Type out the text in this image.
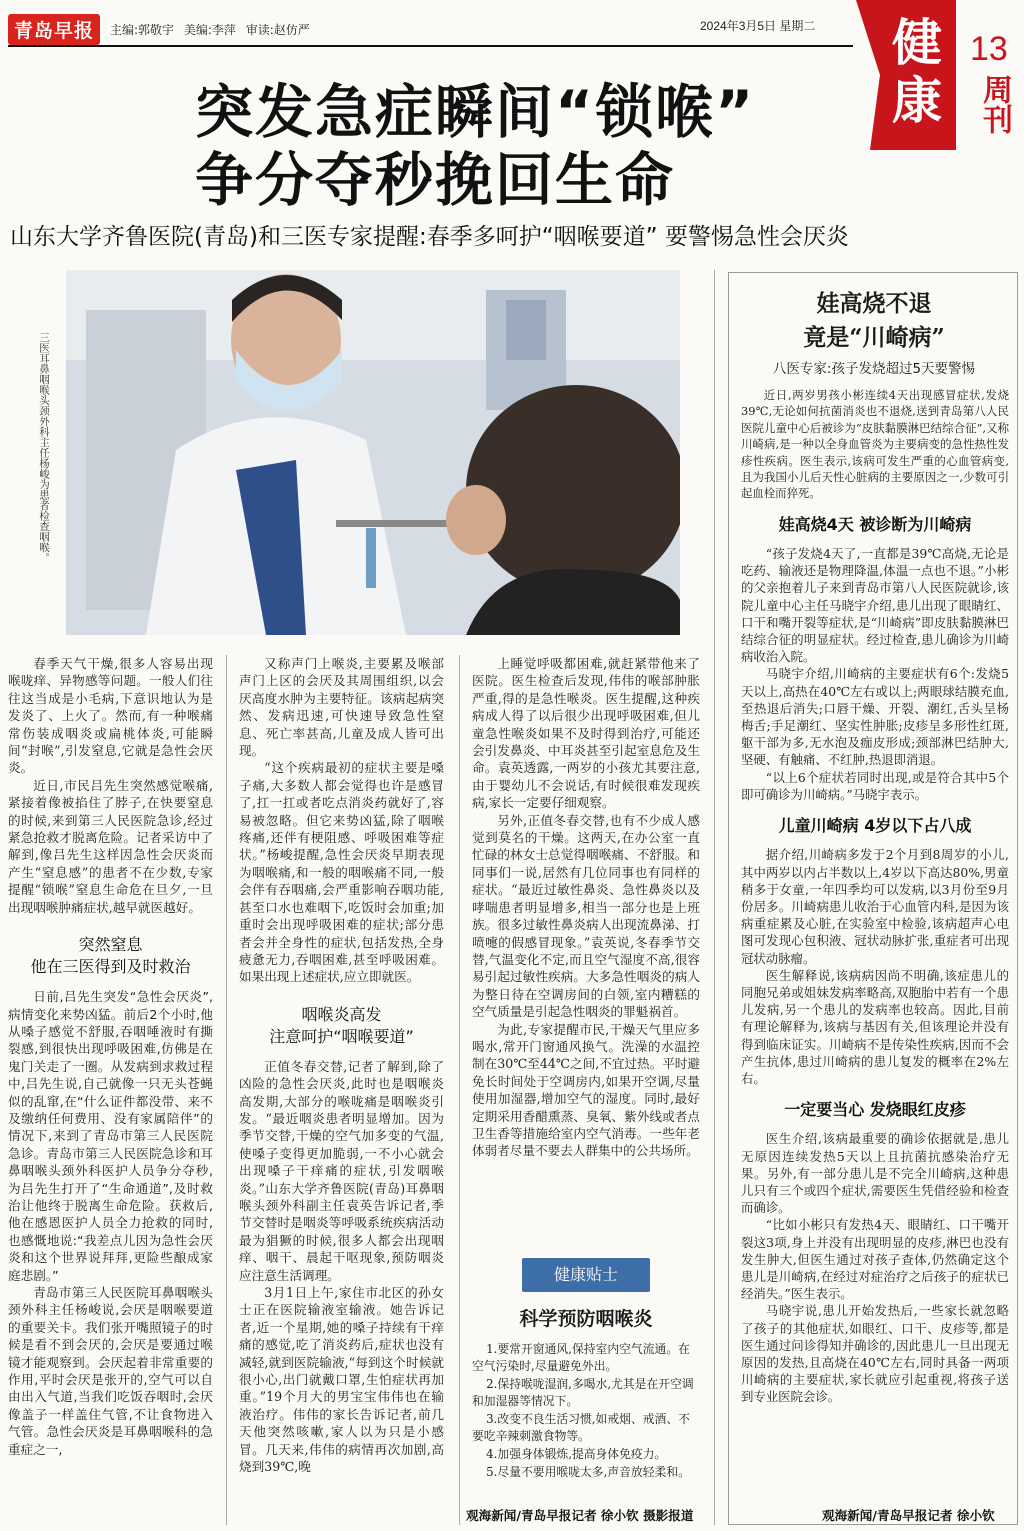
青岛早报	主编:郭敬宇 美编:李萍 审读:赵仿严	2024年3月5日 星期二 健
康
13
周刊
突发急症瞬间“锁喉”
争分夺秒挽回生命
山东大学齐鲁医院(青岛)和三医专家提醒:春季多呵护“咽喉要道” 要警惕急性会厌炎
三医耳鼻咽喉头颈外科主任杨峻为患者检查咽喉。

春季天气干燥,很多人容易出现喉咙痒、异物感等问题。一般人们往往这当成是小毛病,下意识地认为是发炎了、上火了。然而,有一种喉痛常伤装成咽炎或扁桃体炎,可能瞬间“封喉”,引发窒息,它就是急性会厌炎。

近日,市民吕先生突然感觉喉痛,紧接着像被掐住了脖子,在快要窒息的时候,来到第三人民医院急诊,经过紧急抢救才脱离危险。记者采访中了解到,像吕先生这样因急性会厌炎而产生“窒息感”的患者不在少数,专家提醒“锁喉”窒息生命危在旦夕,一旦出现咽喉肿痛症状,越早就医越好。

突然窒息
他在三医得到及时救治

日前,吕先生突发“急性会厌炎”,病情变化来势凶猛。前后2个小时,他从嗓子感觉不舒服,吞咽唾液时有撕裂感,到很快出现呼吸困难,仿佛是在鬼门关走了一圈。从发病到求救过程中,吕先生说,自己就像一只无头苍蝇似的乱窜,在“什么证件都没带、来不及缴纳任何费用、没有家属陪伴”的情况下,来到了青岛市第三人民医院急诊。青岛市第三人民医院急诊和耳鼻咽喉头颈外科医护人员争分夺秒,为吕先生打开了“生命通道”,及时救治让他终于脱离生命危险。获救后,他在感恩医护人员全力抢救的同时,也感慨地说:“我差点儿因为急性会厌炎和这个世界说拜拜,更险些酿成家庭悲剧。”

青岛市第三人民医院耳鼻咽喉头颈外科主任杨峻说,会厌是咽喉要道的重要关卡。我们张开嘴照镜子的时候是看不到会厌的,会厌是要通过喉镜才能观察到。会厌起着非常重要的作用,平时会厌是张开的,空气可以自由出入气道,当我们吃饭吞咽时,会厌像盖子一样盖住气管,不让食物进入气管。急性会厌炎是耳鼻咽喉科的急重症之一,

又称声门上喉炎,主要累及喉部声门上区的会厌及其周围组织,以会厌高度水肿为主要特征。该病起病突然、发病迅速,可快速导致急性窒息、死亡率甚高,儿童及成人皆可出现。

“这个疾病最初的症状主要是嗓子痛,大多数人都会觉得也许是感冒了,扛一扛或者吃点消炎药就好了,容易被忽略。但它来势凶猛,除了咽喉疼痛,还伴有梗阻感、呼吸困难等症状。”杨峻提醒,急性会厌炎早期表现为咽喉痛,和一般的咽喉痛不同,一般会伴有吞咽痛,会严重影响吞咽功能,甚至口水也难咽下,吃饭时会加重;加重时会出现呼吸困难的症状;部分患者会并全身性的症状,包括发热,全身疲惫无力,吞咽困难,甚至呼吸困难。如果出现上述症状,应立即就医。

咽喉炎高发
注意呵护“咽喉要道”

正值冬春交替,记者了解到,除了凶险的急性会厌炎,此时也是咽喉炎高发期,大部分的喉咙痛是咽喉炎引发。“最近咽炎患者明显增加。因为季节交替,干燥的空气加多变的气温,使嗓子变得更加脆弱,一不小心就会出现嗓子干痒痛的症状,引发咽喉炎。”山东大学齐鲁医院(青岛)耳鼻咽喉头颈外科副主任袁英告诉记者,季节交替时是咽炎等呼吸系统疾病活动最为猖獗的时候,很多人都会出现咽痒、咽干、晨起干呕现象,预防咽炎应注意生活调理。

3月1日上午,家住市北区的孙女士正在医院输液室输液。她告诉记者,近一个星期,她的嗓子持续有干痒痛的感觉,吃了消炎药后,症状也没有减轻,就到医院输液,“每到这个时候就很小心,出门就戴口罩,生怕症状再加重。”19个月大的男宝宝伟伟也在输液治疗。伟伟的家长告诉记者,前几天他突然咳嗽,家人以为只是小感冒。几天来,伟伟的病情再次加剧,高烧到39℃,晚

上睡觉呼吸都困难,就赶紧带他来了医院。医生检查后发现,伟伟的喉部肿胀严重,得的是急性喉炎。医生提醒,这种疾病成人得了以后很少出现呼吸困难,但儿童急性喉炎如果不及时得到治疗,可能还会引发鼻炎、中耳炎甚至引起室息危及生命。袁英透露,一两岁的小孩尤其要注意,由于婴幼儿不会说话,有时候很难发现疾病,家长一定要仔细观察。

另外,正值冬春交替,也有不少成人感觉到莫名的干燥。这两天,在办公室一直忙碌的林女士总觉得咽喉痛、不舒服。和同事们一说,居然有几位同事也有同样的症状。“最近过敏性鼻炎、急性鼻炎以及哮喘患者明显增多,相当一部分也是上班族。很多过敏性鼻炎病人出现流鼻涕、打喷嚏的假感冒现象。”袁英说,冬春季节交替,气温变化不定,而且空气湿度不高,很容易引起过敏性疾病。大多急性咽炎的病人为整日待在空调房间的白领,室内糟糕的空气质量是引起急性咽炎的罪魁祸首。

为此,专家提醒市民,干燥天气里应多喝水,常开门窗通风换气。洗澡的水温控制在30℃至44℃之间,不宜过热。平时避免长时间处于空调房内,如果开空调,尽量使用加湿器,增加空气的湿度。同时,最好定期采用香醋熏蒸、臭氧、紫外线或者点卫生香等措施给室内空气消毒。一些年老体弱者尽量不要去人群集中的公共场所。

健康贴士
科学预防咽喉炎
1.要常开窗通风,保持室内空气流通。在空气污染时,尽量避免外出。
2.保持喉咙湿润,多喝水,尤其是在开空调和加湿器等情况下。
3.改变不良生活习惯,如戒烟、戒酒、不要吃辛辣刺激食物等。
4.加强身体锻炼,提高身体免疫力。
5.尽量不要用喉咙太多,声音放轻柔和。
观海新闻/青岛早报记者 徐小钦 摄影报道
娃高烧不退
竟是“川崎病”
八医专家:孩子发烧超过5天要警惕

近日,两岁男孩小彬连续4天出现感冒症状,发烧39℃,无论如何抗菌消炎也不退烧,送到青岛第八人民医院儿童中心后被诊为“皮肤黏膜淋巴结综合征”,又称川崎病,是一种以全身血管炎为主要病变的急性热性发疹性疾病。医生表示,该病可发生严重的心血管病变,且为我国小儿后天性心脏病的主要原因之一,少数可引起血栓而猝死。

娃高烧4天 被诊断为川崎病

“孩子发烧4天了,一直都是39℃高烧,无论是吃药、输液还是物理降温,体温一点也不退。”小彬的父亲抱着儿子来到青岛市第八人民医院就诊,该院儿童中心主任马晓宇介绍,患儿出现了眼睛红、口干和嘴开裂等症状,是“川崎病”即皮肤黏膜淋巴结综合征的明显症状。经过检查,患儿确诊为川崎病收治入院。

马晓宇介绍,川崎病的主要症状有6个:发烧5天以上,高热在40℃左右或以上;两眼球结膜充血,至热退后消失;口唇干燥、开裂、潮红,舌头呈杨梅舌;手足潮红、坚实性肿胀;皮疹呈多形性红斑,躯干部为多,无水泡及痂皮形成;颈部淋巴结肿大,坚硬、有触痛、不红肿,热退即消退。

“以上6个症状若同时出现,或是符合其中5个即可确诊为川崎病。”马晓宇表示。

儿童川崎病 4岁以下占八成

据介绍,川崎病多发于2个月到8周岁的小儿,其中两岁以内占半数以上,4岁以下高达80%,男童稍多于女童,一年四季均可以发病,以3月份至9月份居多。川崎病患儿收治于心血管内科,是因为该病重症累及心脏,在实验室中检验,该病超声心电图可发现心包积液、冠状动脉扩张,重症者可出现冠状动脉瘤。

医生解释说,该病病因尚不明确,该症患儿的同胞兄弟或姐妹发病率略高,双胞胎中若有一个患儿发病,另一个患儿的发病率也较高。因此,目前有理论解释为,该病与基因有关,但该理论并没有得到临床证实。川崎病不是传染性疾病,因而不会产生抗体,患过川崎病的患儿复发的概率在2%左右。

一定要当心 发烧眼红皮疹

医生介绍,该病最重要的确诊依据就是,患儿无原因连续发热5天以上且抗菌抗感染治疗无果。另外,有一部分患儿是不完全川崎病,这种患儿只有三个或四个症状,需要医生凭借经验和检查而确诊。

“比如小彬只有发热4天、眼睛红、口干嘴开裂这3项,身上并没有出现明显的皮疹,淋巴也没有发生肿大,但医生通过对孩子查体,仍然确定这个患儿是川崎病,在经过对症治疗之后孩子的症状已经消失。”医生表示。

马晓宇说,患儿开始发热后,一些家长就忽略了孩子的其他症状,如眼红、口干、皮疹等,都是医生通过问诊得知并确诊的,因此患儿一旦出现无原因的发热,且高烧在40℃左右,同时具备一两项川崎病的主要症状,家长就应引起重视,将孩子送到专业医院会诊。

观海新闻/青岛早报记者 徐小钦
